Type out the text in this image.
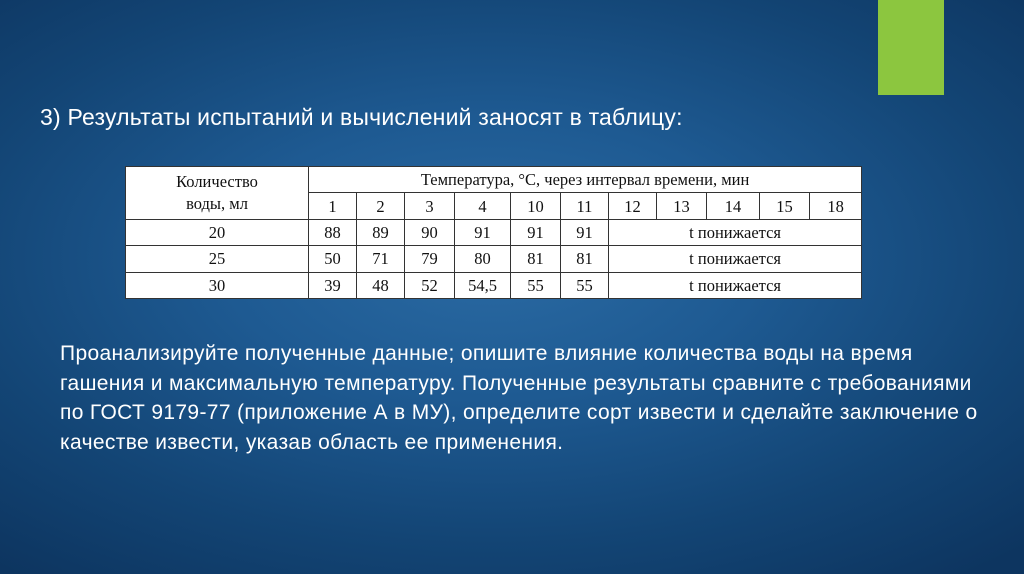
3) Результаты испытаний и вычислений заносят в таблицу:
Количество
воды, мл	Температура, °С, через интервал времени, мин										
	1	2	3	4	10	11	12	13	14	15	18
20	88	89	90	91	91	91	t понижается				
25	50	71	79	80	81	81	t понижается				
30	39	48	52	54,5	55	55	t понижается				

Проанализируйте полученные данные; опишите влияние количества воды на время гашения и максимальную температуру. Полученные результаты сравните с требованиями по ГОСТ 9179-77 (приложение А в МУ), определите сорт извести и сделайте заключение о качестве извести, указав область ее применения.
